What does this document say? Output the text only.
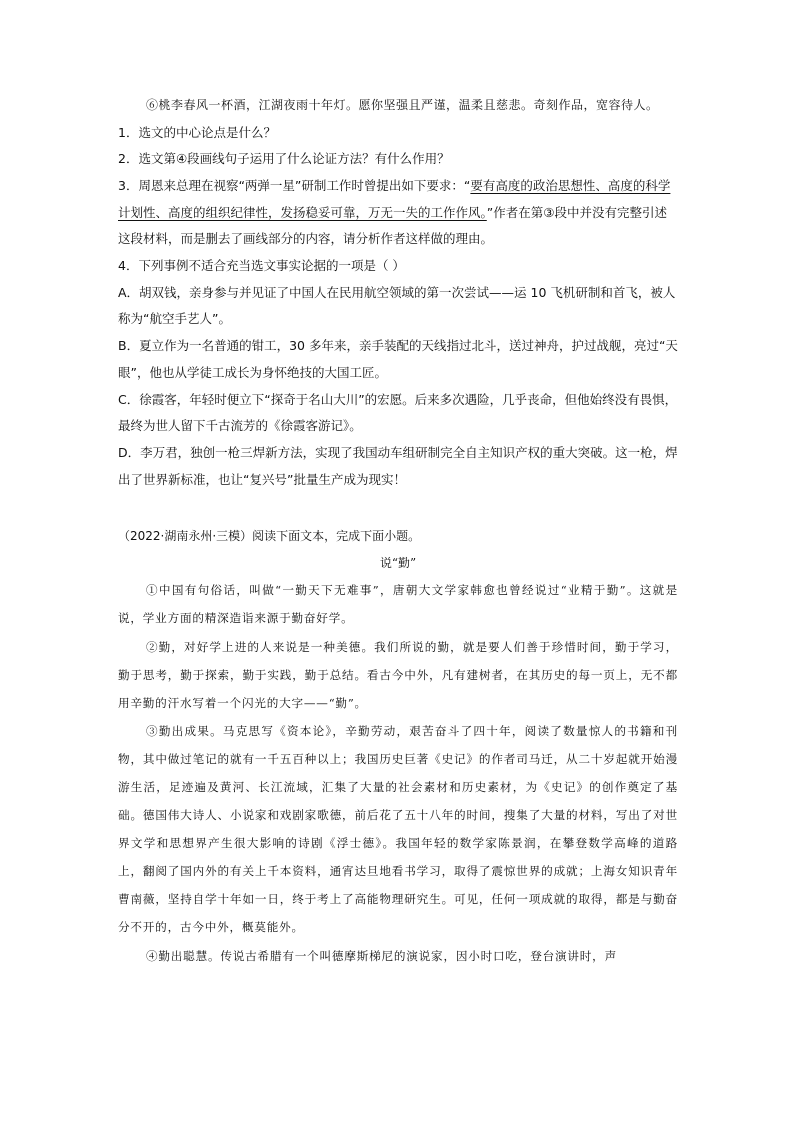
⑥桃李春风一杯酒，江湖夜雨十年灯。愿你坚强且严谨，温柔且慈悲。奇刻作品，宽容待人。

1．选文的中心论点是什么？

2．选文第④段画线句子运用了什么论证方法？有什么作用？

3．周恩来总理在视察“两弹一星”研制工作时曾提出如下要求：“要有高度的政治思想性、高度的科学计划性、高度的组织纪律性，发扬稳妥可靠，万无一失的工作作风。”作者在第③段中并没有完整引述这段材料，而是删去了画线部分的内容，请分析作者这样做的理由。

4．下列事例不适合充当选文事实论据的一项是（ ）

A．胡双钱，亲身参与并见证了中国人在民用航空领域的第一次尝试——运 10 飞机研制和首飞，被人称为“航空手艺人”。

B．夏立作为一名普通的钳工，30 多年来，亲手装配的天线指过北斗，送过神舟，护过战舰，亮过“天眼”，他也从学徒工成长为身怀绝技的大国工匠。

C．徐霞客，年轻时便立下“探奇于名山大川”的宏愿。后来多次遇险，几乎丧命，但他始终没有畏惧，最终为世人留下千古流芳的《徐霞客游记》。

D．李万君，独创一枪三焊新方法，实现了我国动车组研制完全自主知识产权的重大突破。这一枪，焊出了世界新标准，也让“复兴号”批量生产成为现实！

（2022·湖南永州·三模）阅读下面文本，完成下面小题。

说“勤”

①中国有句俗话，叫做“一勤天下无难事”，唐朝大文学家韩愈也曾经说过“业精于勤”。这就是说，学业方面的精深造诣来源于勤奋好学。

②勤，对好学上进的人来说是一种美德。我们所说的勤，就是要人们善于珍惜时间，勤于学习，勤于思考，勤于探索，勤于实践，勤于总结。看古今中外，凡有建树者，在其历史的每一页上，无不都用辛勤的汗水写着一个闪光的大字——“勤”。

③勤出成果。马克思写《资本论》，辛勤劳动，艰苦奋斗了四十年，阅读了数量惊人的书籍和刊物，其中做过笔记的就有一千五百种以上；我国历史巨著《史记》的作者司马迁，从二十岁起就开始漫游生活，足迹遍及黄河、长江流域，汇集了大量的社会素材和历史素材，为《史记》的创作奠定了基础。德国伟大诗人、小说家和戏剧家歌德，前后花了五十八年的时间，搜集了大量的材料，写出了对世界文学和思想界产生很大影响的诗剧《浮士德》。我国年轻的数学家陈景润，在攀登数学高峰的道路上，翻阅了国内外的有关上千本资料，通宵达旦地看书学习，取得了震惊世界的成就；上海女知识青年曹南薇，坚持自学十年如一日，终于考上了高能物理研究生。可见，任何一项成就的取得，都是与勤奋分不开的，古今中外，概莫能外。

④勤出聪慧。传说古希腊有一个叫德摩斯梯尼的演说家，因小时口吃，登台演讲时，声
